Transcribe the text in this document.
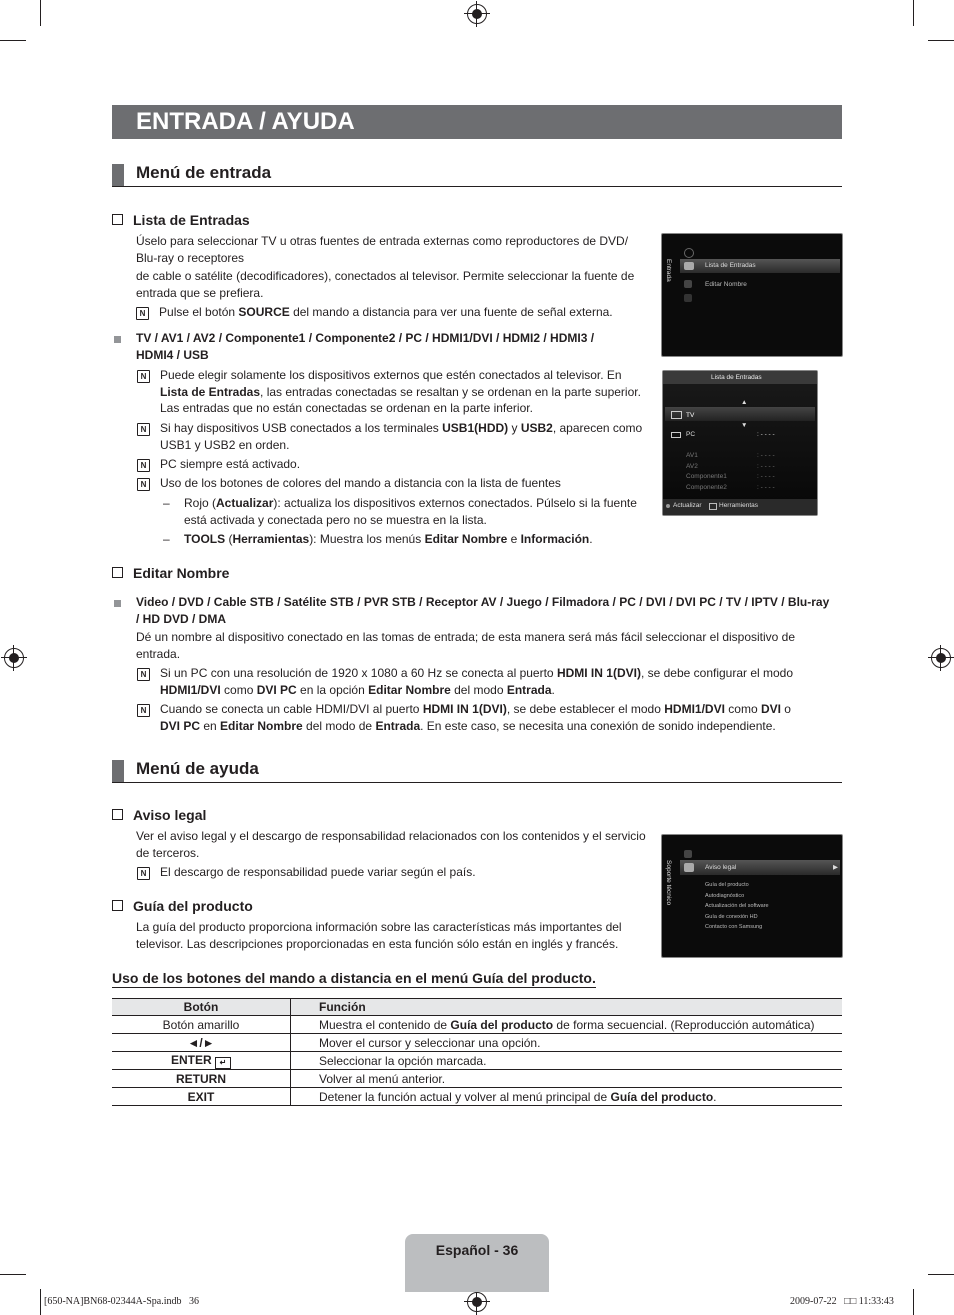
ENTRADA / AYUDA
Menú de entrada
Lista de Entradas
Úselo para seleccionar TV u otras fuentes de entrada externas como reproductores de DVD/
Blu-ray o receptores
de cable o satélite (decodificadores), conectados al televisor. Permite seleccionar la fuente de
entrada que se prefiera.
N Pulse el botón SOURCE del mando a distancia para ver una fuente de señal externa.
TV / AV1 / AV2 / Componente1 / Componente2 / PC / HDMI1/DVI / HDMI2 / HDMI3 /
HDMI4 / USB
N	Puede elegir solamente los dispositivos externos que estén conectados al televisor. En
Lista de Entradas, las entradas conectadas se resaltan y se ordenan en la parte superior.
Las entradas que no están conectadas se ordenan en la parte inferior.
N	Si hay dispositivos USB conectados a los terminales USB1(HDD) y USB2, aparecen como
USB1 y USB2 en orden.
N	PC siempre está activado.
N	Uso de los botones de colores del mando a distancia con la lista de fuentes
– Rojo (Actualizar): actualiza los dispositivos externos conectados. Púlselo si la fuente
está activada y conectada pero no se muestra en la lista.
– TOOLS (Herramientas): Muestra los menús Editar Nombre e Información.
Entrada	Lista de Entradas
Editar Nombre
Lista de Entradas
▲
TV
▼
PC	: - - - -
AV1	: - - - -
AV2	: - - - -
Componente1	: - - - -
Componente2	: - - - -
Actualizar	Herramientas
Editar Nombre
Video / DVD / Cable STB / Satélite STB / PVR STB / Receptor AV / Juego / Filmadora / PC / DVI / DVI PC / TV / IPTV / Blu-ray
/ HD DVD / DMA
Dé un nombre al dispositivo conectado en las tomas de entrada; de esta manera será más fácil seleccionar el dispositivo de
entrada.
N	Si un PC con una resolución de 1920 x 1080 a 60 Hz se conecta al puerto HDMI IN 1(DVI), se debe configurar el modo
HDMI1/DVI como DVI PC en la opción Editar Nombre del modo Entrada.
N	Cuando se conecta un cable HDMI/DVI al puerto HDMI IN 1(DVI), se debe establecer el modo HDMI1/DVI como DVI o
DVI PC en Editar Nombre del modo de Entrada. En este caso, se necesita una conexión de sonido independiente.
Menú de ayuda
Aviso legal
Ver el aviso legal y el descargo de responsabilidad relacionados con los contenidos y el servicio
de terceros.
N	El descargo de responsabilidad puede variar según el país.
Guía del producto
La guía del producto proporciona información sobre las características más importantes del
televisor. Las descripciones proporcionadas en esta función sólo están en inglés y francés.
Soporte técnico	Aviso legal	▶
Guía del producto
Autodiagnóstico
Actualización del software
Guía de conexión HD
Contacto con Samsung
Uso de los botones del mando a distancia en el menú Guía del producto.
Botón	Función
Botón amarillo	Muestra el contenido de Guía del producto de forma secuencial. (Reproducción automática)
◄/►	Mover el cursor y seleccionar una opción.
ENTER ↵	Seleccionar la opción marcada.
RETURN	Volver al menú anterior.
EXIT	Detener la función actual y volver al menú principal de Guía del producto.
Español - 36
[650-NA]BN68-02344A-Spa.indb   36	2009-07-22   □□ 11:33:43
